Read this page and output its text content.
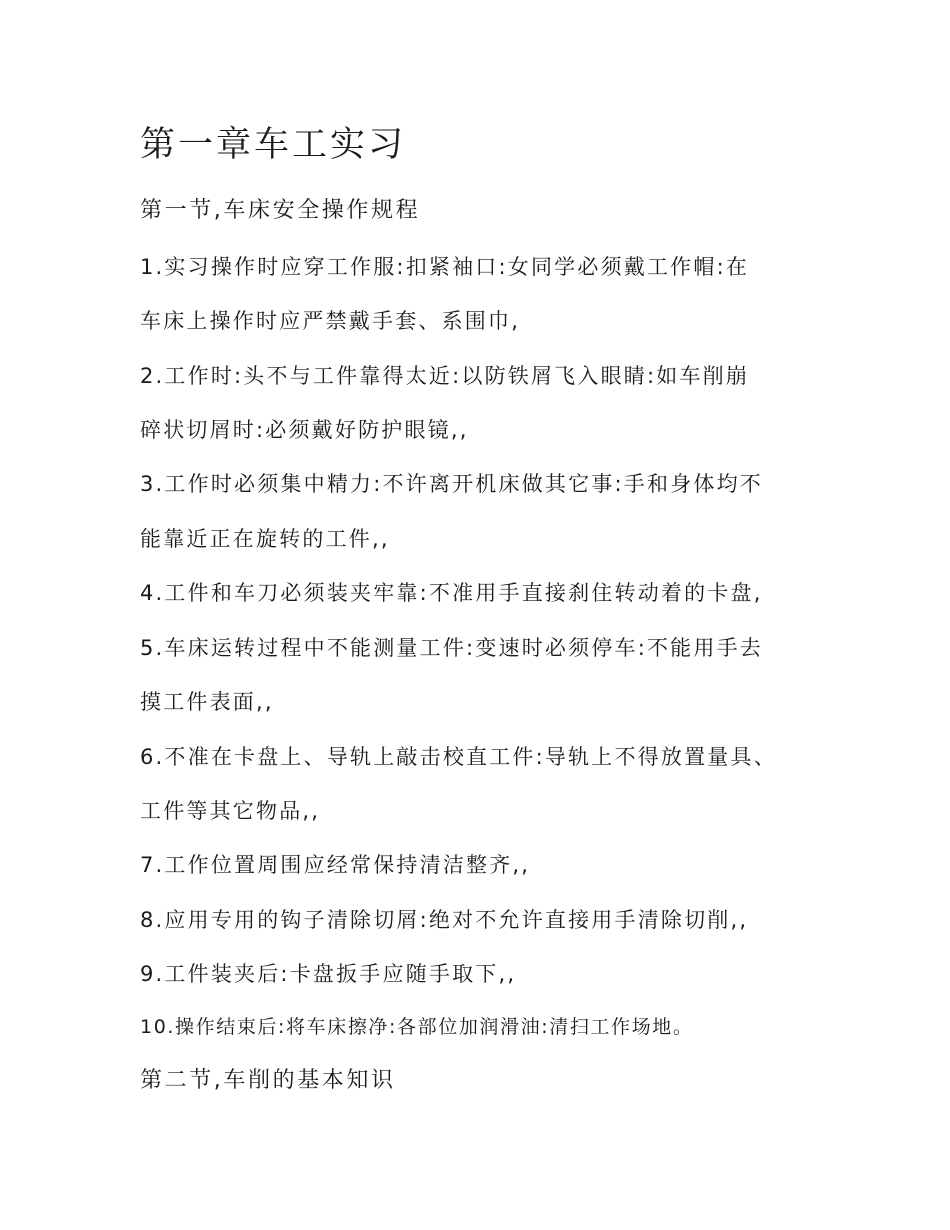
第一章车工实习
第一节,车床安全操作规程
1.实习操作时应穿工作服:扣紧袖口:女同学必须戴工作帽:在
车床上操作时应严禁戴手套、系围巾,
2.工作时:头不与工件靠得太近:以防铁屑飞入眼睛:如车削崩
碎状切屑时:必须戴好防护眼镜,,
3.工作时必须集中精力:不许离开机床做其它事:手和身体均不
能靠近正在旋转的工件,,
4.工件和车刀必须装夹牢靠:不准用手直接刹住转动着的卡盘,
5.车床运转过程中不能测量工件:变速时必须停车:不能用手去
摸工件表面,,
6.不准在卡盘上、导轨上敲击校直工件:导轨上不得放置量具、
工件等其它物品,,
7.工作位置周围应经常保持清洁整齐,,
8.应用专用的钩子清除切屑:绝对不允许直接用手清除切削,,
9.工件装夹后:卡盘扳手应随手取下,,
10.操作结束后:将车床擦净:各部位加润滑油:清扫工作场地。
第二节,车削的基本知识
